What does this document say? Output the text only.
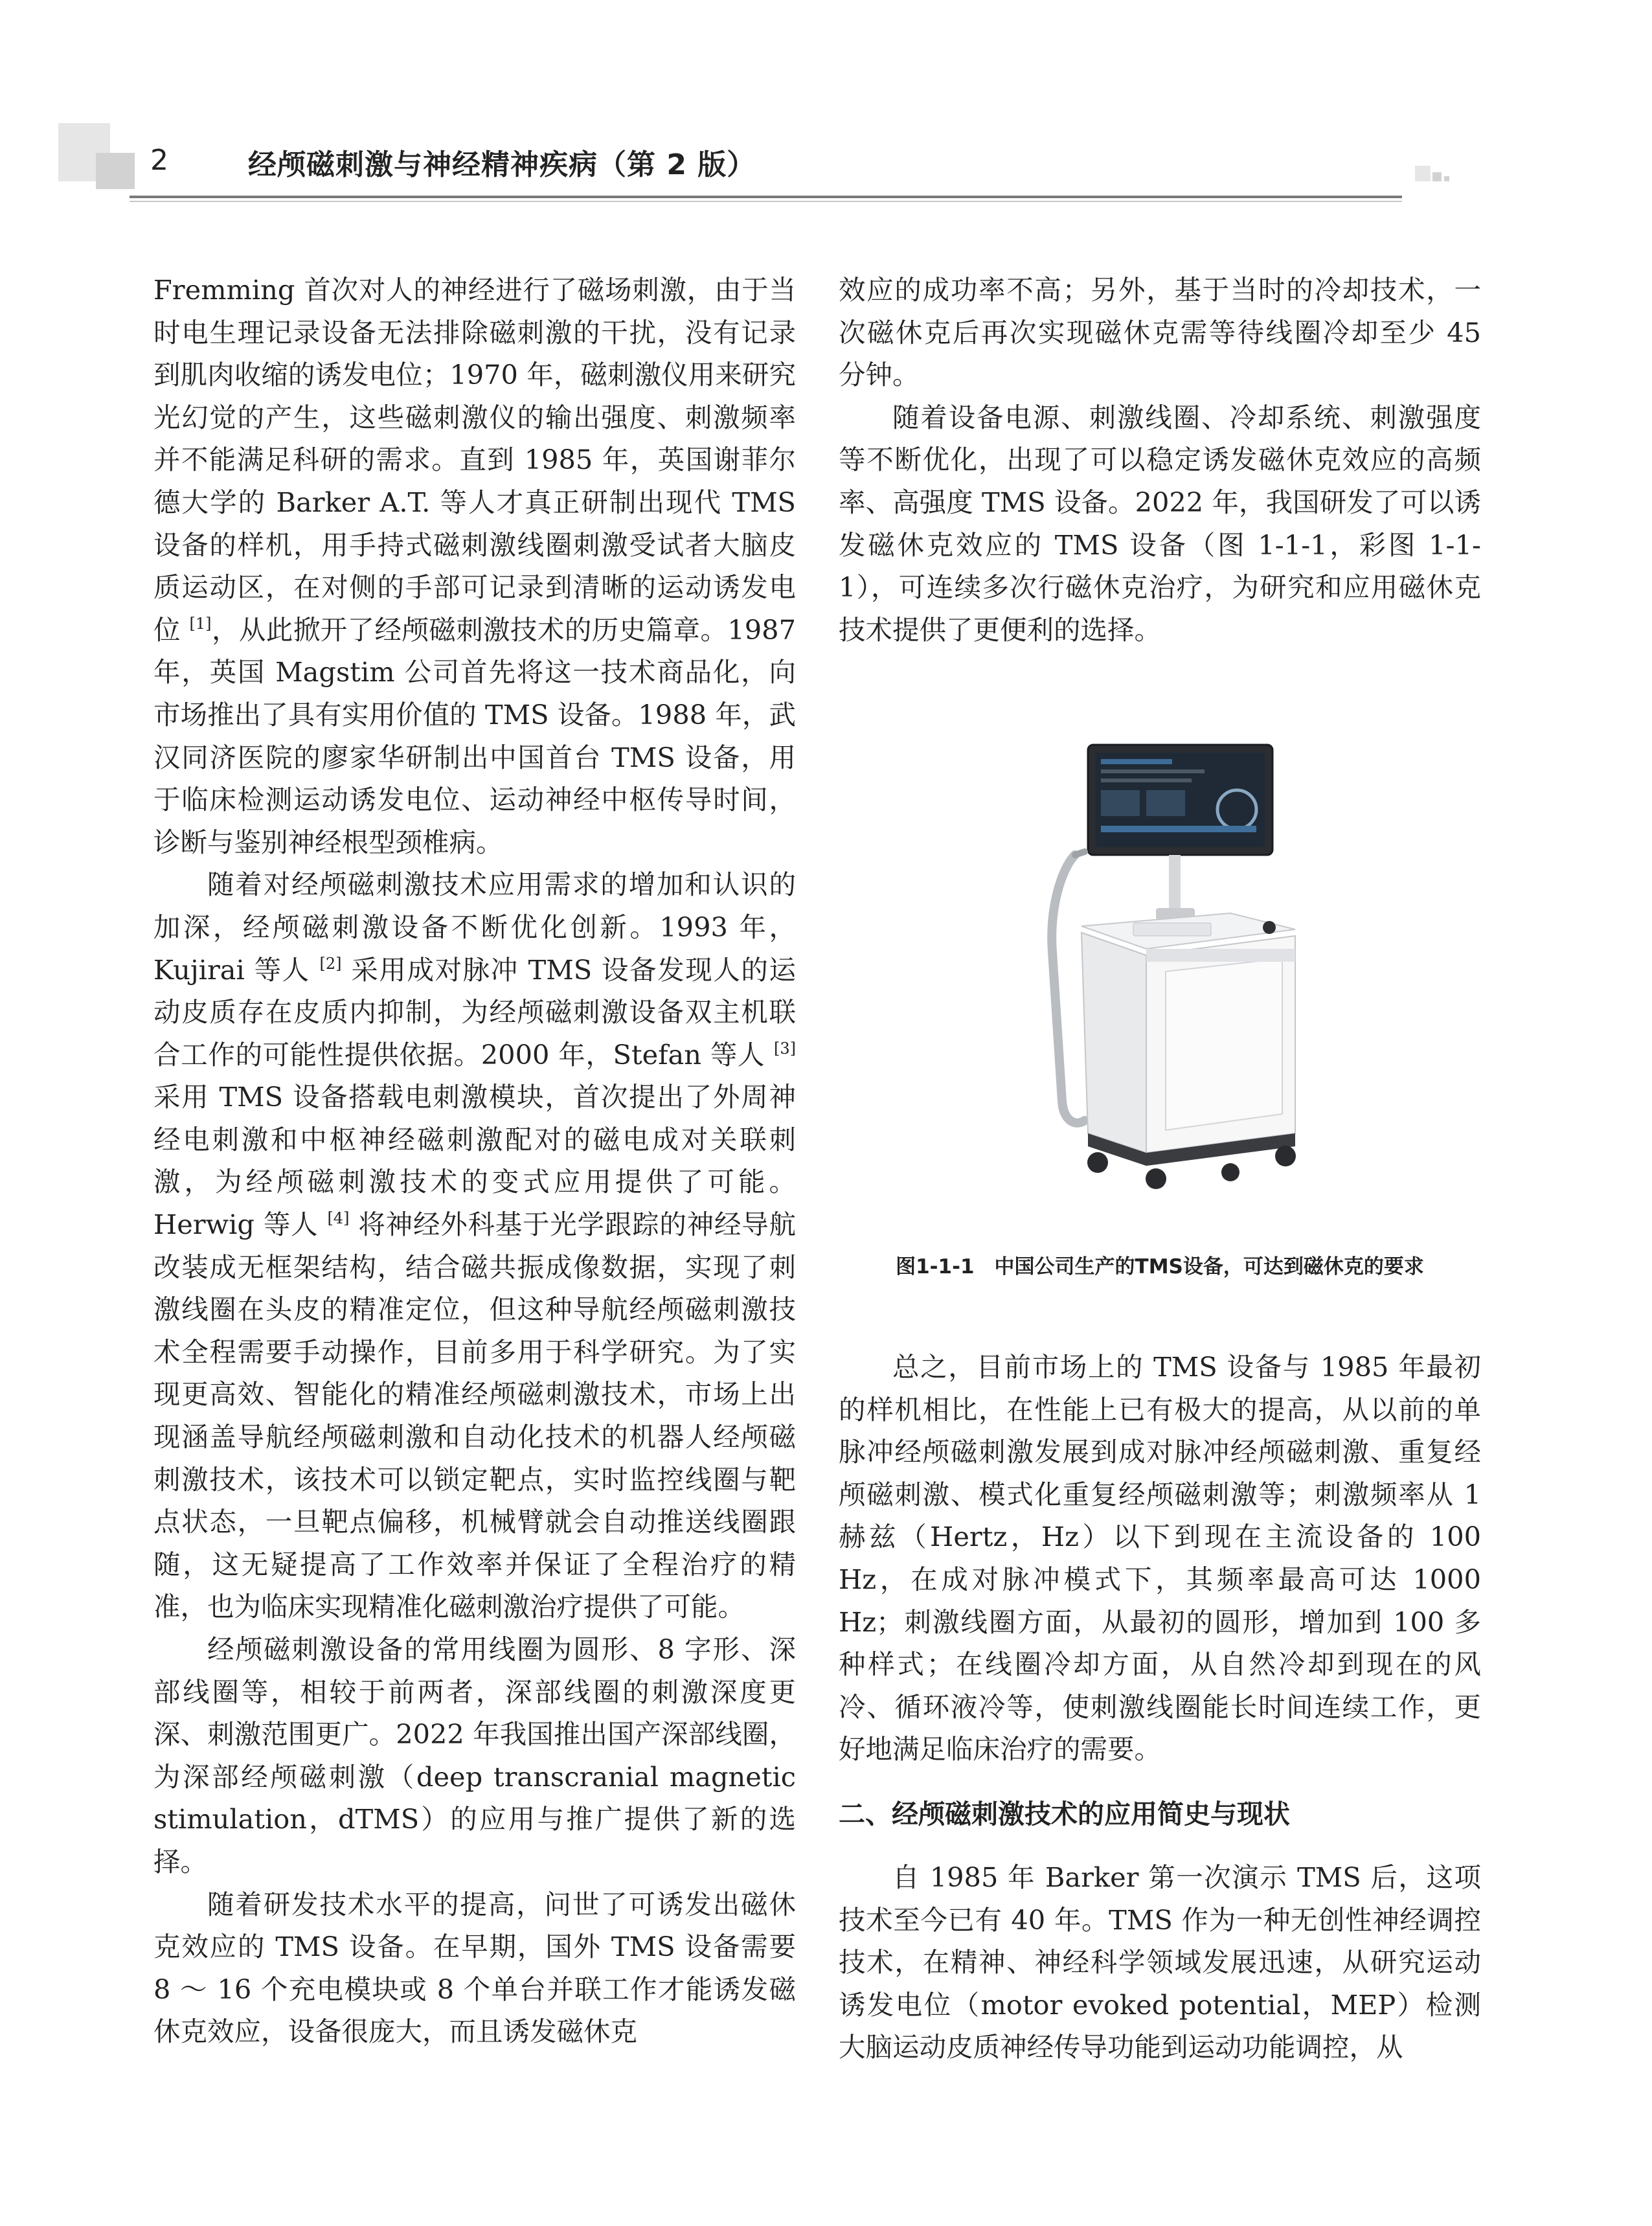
2	经颅磁刺激与神经精神疾病（第 2 版）

Fremming 首次对人的神经进行了磁场刺激，由于当时电生理记录设备无法排除磁刺激的干扰，没有记录到肌肉收缩的诱发电位；1970 年，磁刺激仪用来研究光幻觉的产生，这些磁刺激仪的输出强度、刺激频率并不能满足科研的需求。直到 1985 年，英国谢菲尔德大学的 Barker A.T. 等人才真正研制出现代 TMS 设备的样机，用手持式磁刺激线圈刺激受试者大脑皮质运动区，在对侧的手部可记录到清晰的运动诱发电位 [1]，从此掀开了经颅磁刺激技术的历史篇章。1987 年，英国 Magstim 公司首先将这一技术商品化，向市场推出了具有实用价值的 TMS 设备。1988 年，武汉同济医院的廖家华研制出中国首台 TMS 设备，用于临床检测运动诱发电位、运动神经中枢传导时间，诊断与鉴别神经根型颈椎病。

随着对经颅磁刺激技术应用需求的增加和认识的加深，经颅磁刺激设备不断优化创新。1993 年，Kujirai 等人 [2] 采用成对脉冲 TMS 设备发现人的运动皮质存在皮质内抑制，为经颅磁刺激设备双主机联合工作的可能性提供依据。2000 年，Stefan 等人 [3] 采用 TMS 设备搭载电刺激模块，首次提出了外周神经电刺激和中枢神经磁刺激配对的磁电成对关联刺激，为经颅磁刺激技术的变式应用提供了可能。Herwig 等人 [4] 将神经外科基于光学跟踪的神经导航改装成无框架结构，结合磁共振成像数据，实现了刺激线圈在头皮的精准定位，但这种导航经颅磁刺激技术全程需要手动操作，目前多用于科学研究。为了实现更高效、智能化的精准经颅磁刺激技术，市场上出现涵盖导航经颅磁刺激和自动化技术的机器人经颅磁刺激技术，该技术可以锁定靶点，实时监控线圈与靶点状态，一旦靶点偏移，机械臂就会自动推送线圈跟随，这无疑提高了工作效率并保证了全程治疗的精准，也为临床实现精准化磁刺激治疗提供了可能。

经颅磁刺激设备的常用线圈为圆形、8 字形、深部线圈等，相较于前两者，深部线圈的刺激深度更深、刺激范围更广。2022 年我国推出国产深部线圈，为深部经颅磁刺激（deep transcranial magnetic stimulation，dTMS）的应用与推广提供了新的选择。

随着研发技术水平的提高，问世了可诱发出磁休克效应的 TMS 设备。在早期，国外 TMS 设备需要 8 ～ 16 个充电模块或 8 个单台并联工作才能诱发磁休克效应，设备很庞大，而且诱发磁休克

效应的成功率不高；另外，基于当时的冷却技术，一次磁休克后再次实现磁休克需等待线圈冷却至少 45 分钟。

随着设备电源、刺激线圈、冷却系统、刺激强度等不断优化，出现了可以稳定诱发磁休克效应的高频率、高强度 TMS 设备。2022 年，我国研发了可以诱发磁休克效应的 TMS 设备（图 1-1-1，彩图 1-1-1），可连续多次行磁休克治疗，为研究和应用磁休克技术提供了更便利的选择。

图1-1-1　中国公司生产的TMS设备，可达到磁休克的要求

总之，目前市场上的 TMS 设备与 1985 年最初的样机相比，在性能上已有极大的提高，从以前的单脉冲经颅磁刺激发展到成对脉冲经颅磁刺激、重复经颅磁刺激、模式化重复经颅磁刺激等；刺激频率从 1 赫兹（Hertz，Hz）以下到现在主流设备的 100 Hz，在成对脉冲模式下，其频率最高可达 1000 Hz；刺激线圈方面，从最初的圆形，增加到 100 多种样式；在线圈冷却方面，从自然冷却到现在的风冷、循环液冷等，使刺激线圈能长时间连续工作，更好地满足临床治疗的需要。

二、经颅磁刺激技术的应用简史与现状

自 1985 年 Barker 第一次演示 TMS 后，这项技术至今已有 40 年。TMS 作为一种无创性神经调控技术，在精神、神经科学领域发展迅速，从研究运动诱发电位（motor evoked potential，MEP）检测大脑运动皮质神经传导功能到运动功能调控，从
